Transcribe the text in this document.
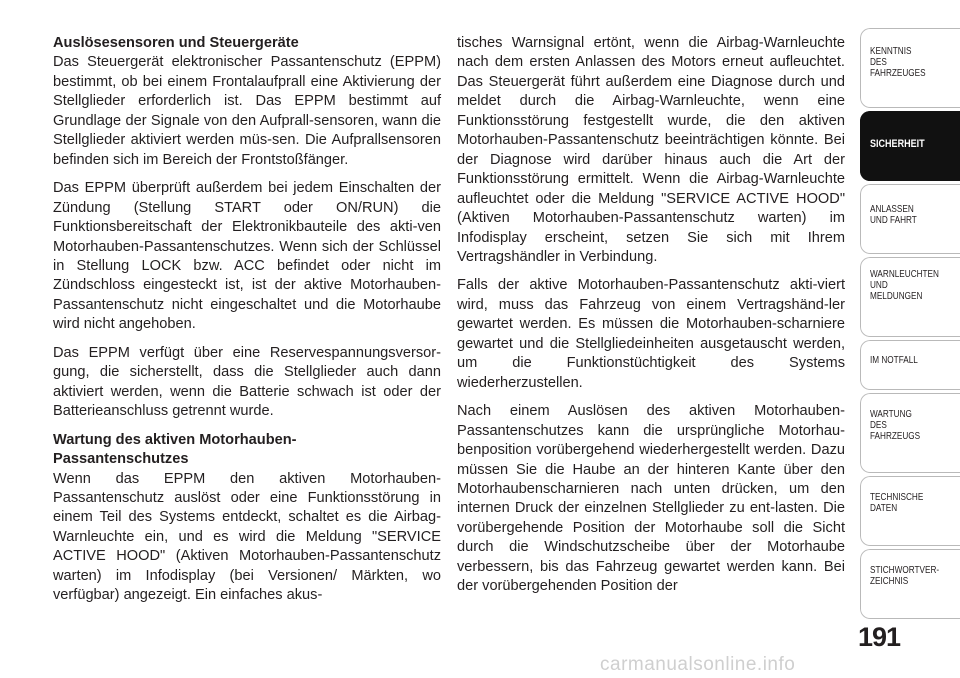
Auslösesensoren und Steuergeräte

Das Steuergerät elektronischer Passantenschutz (EPPM) bestimmt, ob bei einem Frontalaufprall eine Aktivierung der Stellglieder erforderlich ist. Das EPPM bestimmt auf Grundlage der Signale von den Aufprall-sensoren, wann die Stellglieder aktiviert werden müs-sen. Die Aufprallsensoren befinden sich im Bereich der Frontstoßfänger.

Das EPPM überprüft außerdem bei jedem Einschalten der Zündung (Stellung START oder ON/RUN) die Funktionsbereitschaft der Elektronikbauteile des akti-ven Motorhauben-Passantenschutzes. Wenn sich der Schlüssel in Stellung LOCK bzw. ACC befindet oder nicht im Zündschloss eingesteckt ist, ist der aktive Motorhauben-Passantenschutz nicht eingeschaltet und die Motorhaube wird nicht angehoben.

Das EPPM verfügt über eine Reservespannungsversor-gung, die sicherstellt, dass die Stellglieder auch dann aktiviert werden, wenn die Batterie schwach ist oder der Batterieanschluss getrennt wurde.

Wartung des aktiven Motorhauben-Passantenschutzes

Wenn das EPPM den aktiven Motorhauben-Passantenschutz auslöst oder eine Funktionsstörung in einem Teil des Systems entdeckt, schaltet es die Airbag-Warnleuchte ein, und es wird die Meldung "SERVICE ACTIVE HOOD" (Aktiven Motorhauben-Passantenschutz warten) im Infodisplay (bei Versionen/ Märkten, wo verfügbar) angezeigt. Ein einfaches akus-

tisches Warnsignal ertönt, wenn die Airbag-Warnleuchte nach dem ersten Anlassen des Motors erneut aufleuchtet. Das Steuergerät führt außerdem eine Diagnose durch und meldet durch die Airbag-Warnleuchte, wenn eine Funktionsstörung festgestellt wurde, die den aktiven Motorhauben-Passantenschutz beeinträchtigen könnte. Bei der Diagnose wird darüber hinaus auch die Art der Funktionsstörung ermittelt. Wenn die Airbag-Warnleuchte aufleuchtet oder die Meldung "SERVICE ACTIVE HOOD" (Aktiven Motorhauben-Passantenschutz warten) im Infodisplay erscheint, setzen Sie sich mit Ihrem Vertragshändler in Verbindung.

Falls der aktive Motorhauben-Passantenschutz akti-viert wird, muss das Fahrzeug von einem Vertragshänd-ler gewartet werden. Es müssen die Motorhauben-scharniere gewartet und die Stellgliedeinheiten ausgetauscht werden, um die Funktionstüchtigkeit des Systems wiederherzustellen.

Nach einem Auslösen des aktiven Motorhauben-Passantenschutzes kann die ursprüngliche Motorhau-benposition vorübergehend wiederhergestellt werden. Dazu müssen Sie die Haube an der hinteren Kante über den Motorhaubenscharnieren nach unten drücken, um den internen Druck der einzelnen Stellglieder zu ent-lasten. Die vorübergehende Position der Motorhaube soll die Sicht durch die Windschutzscheibe über der Motorhaube verbessern, bis das Fahrzeug gewartet werden kann. Bei der vorübergehenden Position der

KENNTNIS
DES
FAHRZEUGES
SICHERHEIT
ANLASSEN
UND FAHRT
WARNLEUCHTEN
UND
MELDUNGEN
IM NOTFALL
WARTUNG
DES
FAHRZEUGS
TECHNISCHE
DATEN
STICHWORTVER-
ZEICHNIS
191
carmanualsonline.info
